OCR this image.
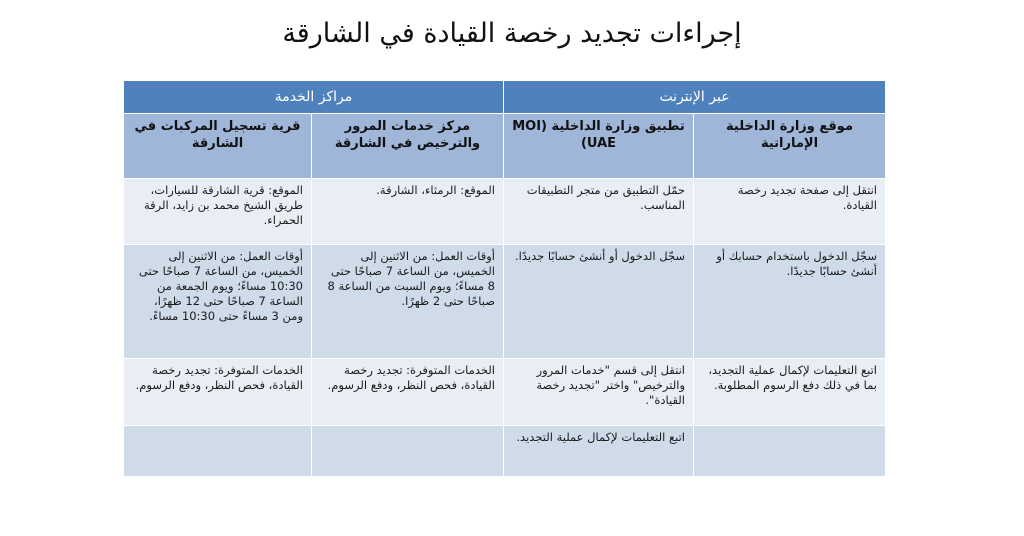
إجراءات تجديد رخصة القيادة في الشارقة
عبر الإنترنت		مراكز الخدمة	
موقع وزارة الداخلية الإماراتية	تطبيق وزارة الداخلية (MOI UAE)	مركز خدمات المرور والترخيص في الشارقة	قرية تسجيل المركبات في الشارقة
انتقل إلى صفحة تجديد رخصة القيادة.	حمّل التطبيق من متجر التطبيقات المناسب.	الموقع: الرمثاء، الشارقة.	الموقع: قرية الشارقة للسيارات، طريق الشيخ محمد بن زايد، الرقة الحمراء.
سجّل الدخول باستخدام حسابك أو أنشئ حسابًا جديدًا.	سجّل الدخول أو أنشئ حسابًا جديدًا.	أوقات العمل: من الاثنين إلى الخميس، من الساعة 7 صباحًا حتى 8 مساءً؛ ويوم السبت من الساعة 8 صباحًا حتى 2 ظهرًا.	أوقات العمل: من الاثنين إلى الخميس، من الساعة 7 صباحًا حتى 10:30 مساءً؛ ويوم الجمعة من الساعة 7 صباحًا حتى 12 ظهرًا، ومن 3 مساءً حتى 10:30 مساءً.
اتبع التعليمات لإكمال عملية التجديد، بما في ذلك دفع الرسوم المطلوبة.	انتقل إلى قسم "خدمات المرور والترخيص" واختر "تجديد رخصة القيادة".	الخدمات المتوفرة: تجديد رخصة القيادة، فحص النظر، ودفع الرسوم.	الخدمات المتوفرة: تجديد رخصة القيادة، فحص النظر، ودفع الرسوم.
	اتبع التعليمات لإكمال عملية التجديد.		
